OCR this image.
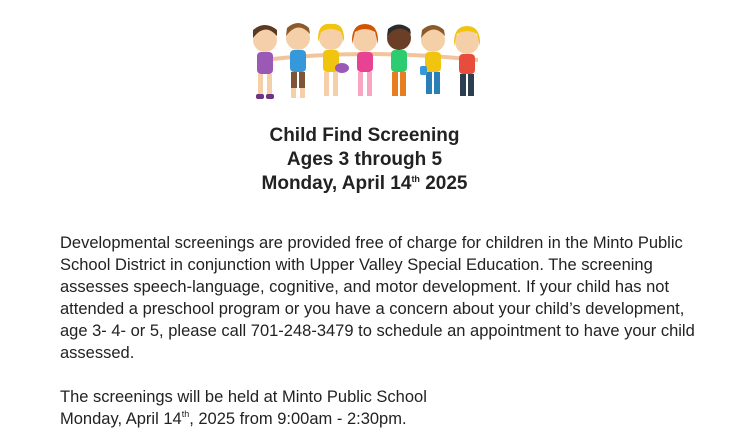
Child Find Screening
Ages 3 through 5
Monday, April 14th 2025

Developmental screenings are provided free of charge for children in the Minto Public School District in conjunction with Upper Valley Special Education. The screening assesses speech-language, cognitive, and motor development. If your child has not attended a preschool program or you have a concern about your child’s development, age 3- 4- or 5, please call 701-248-3479 to schedule an appointment to have your child assessed.

The screenings will be held at Minto Public School

Monday, April 14th, 2025 from 9:00am - 2:30pm.
